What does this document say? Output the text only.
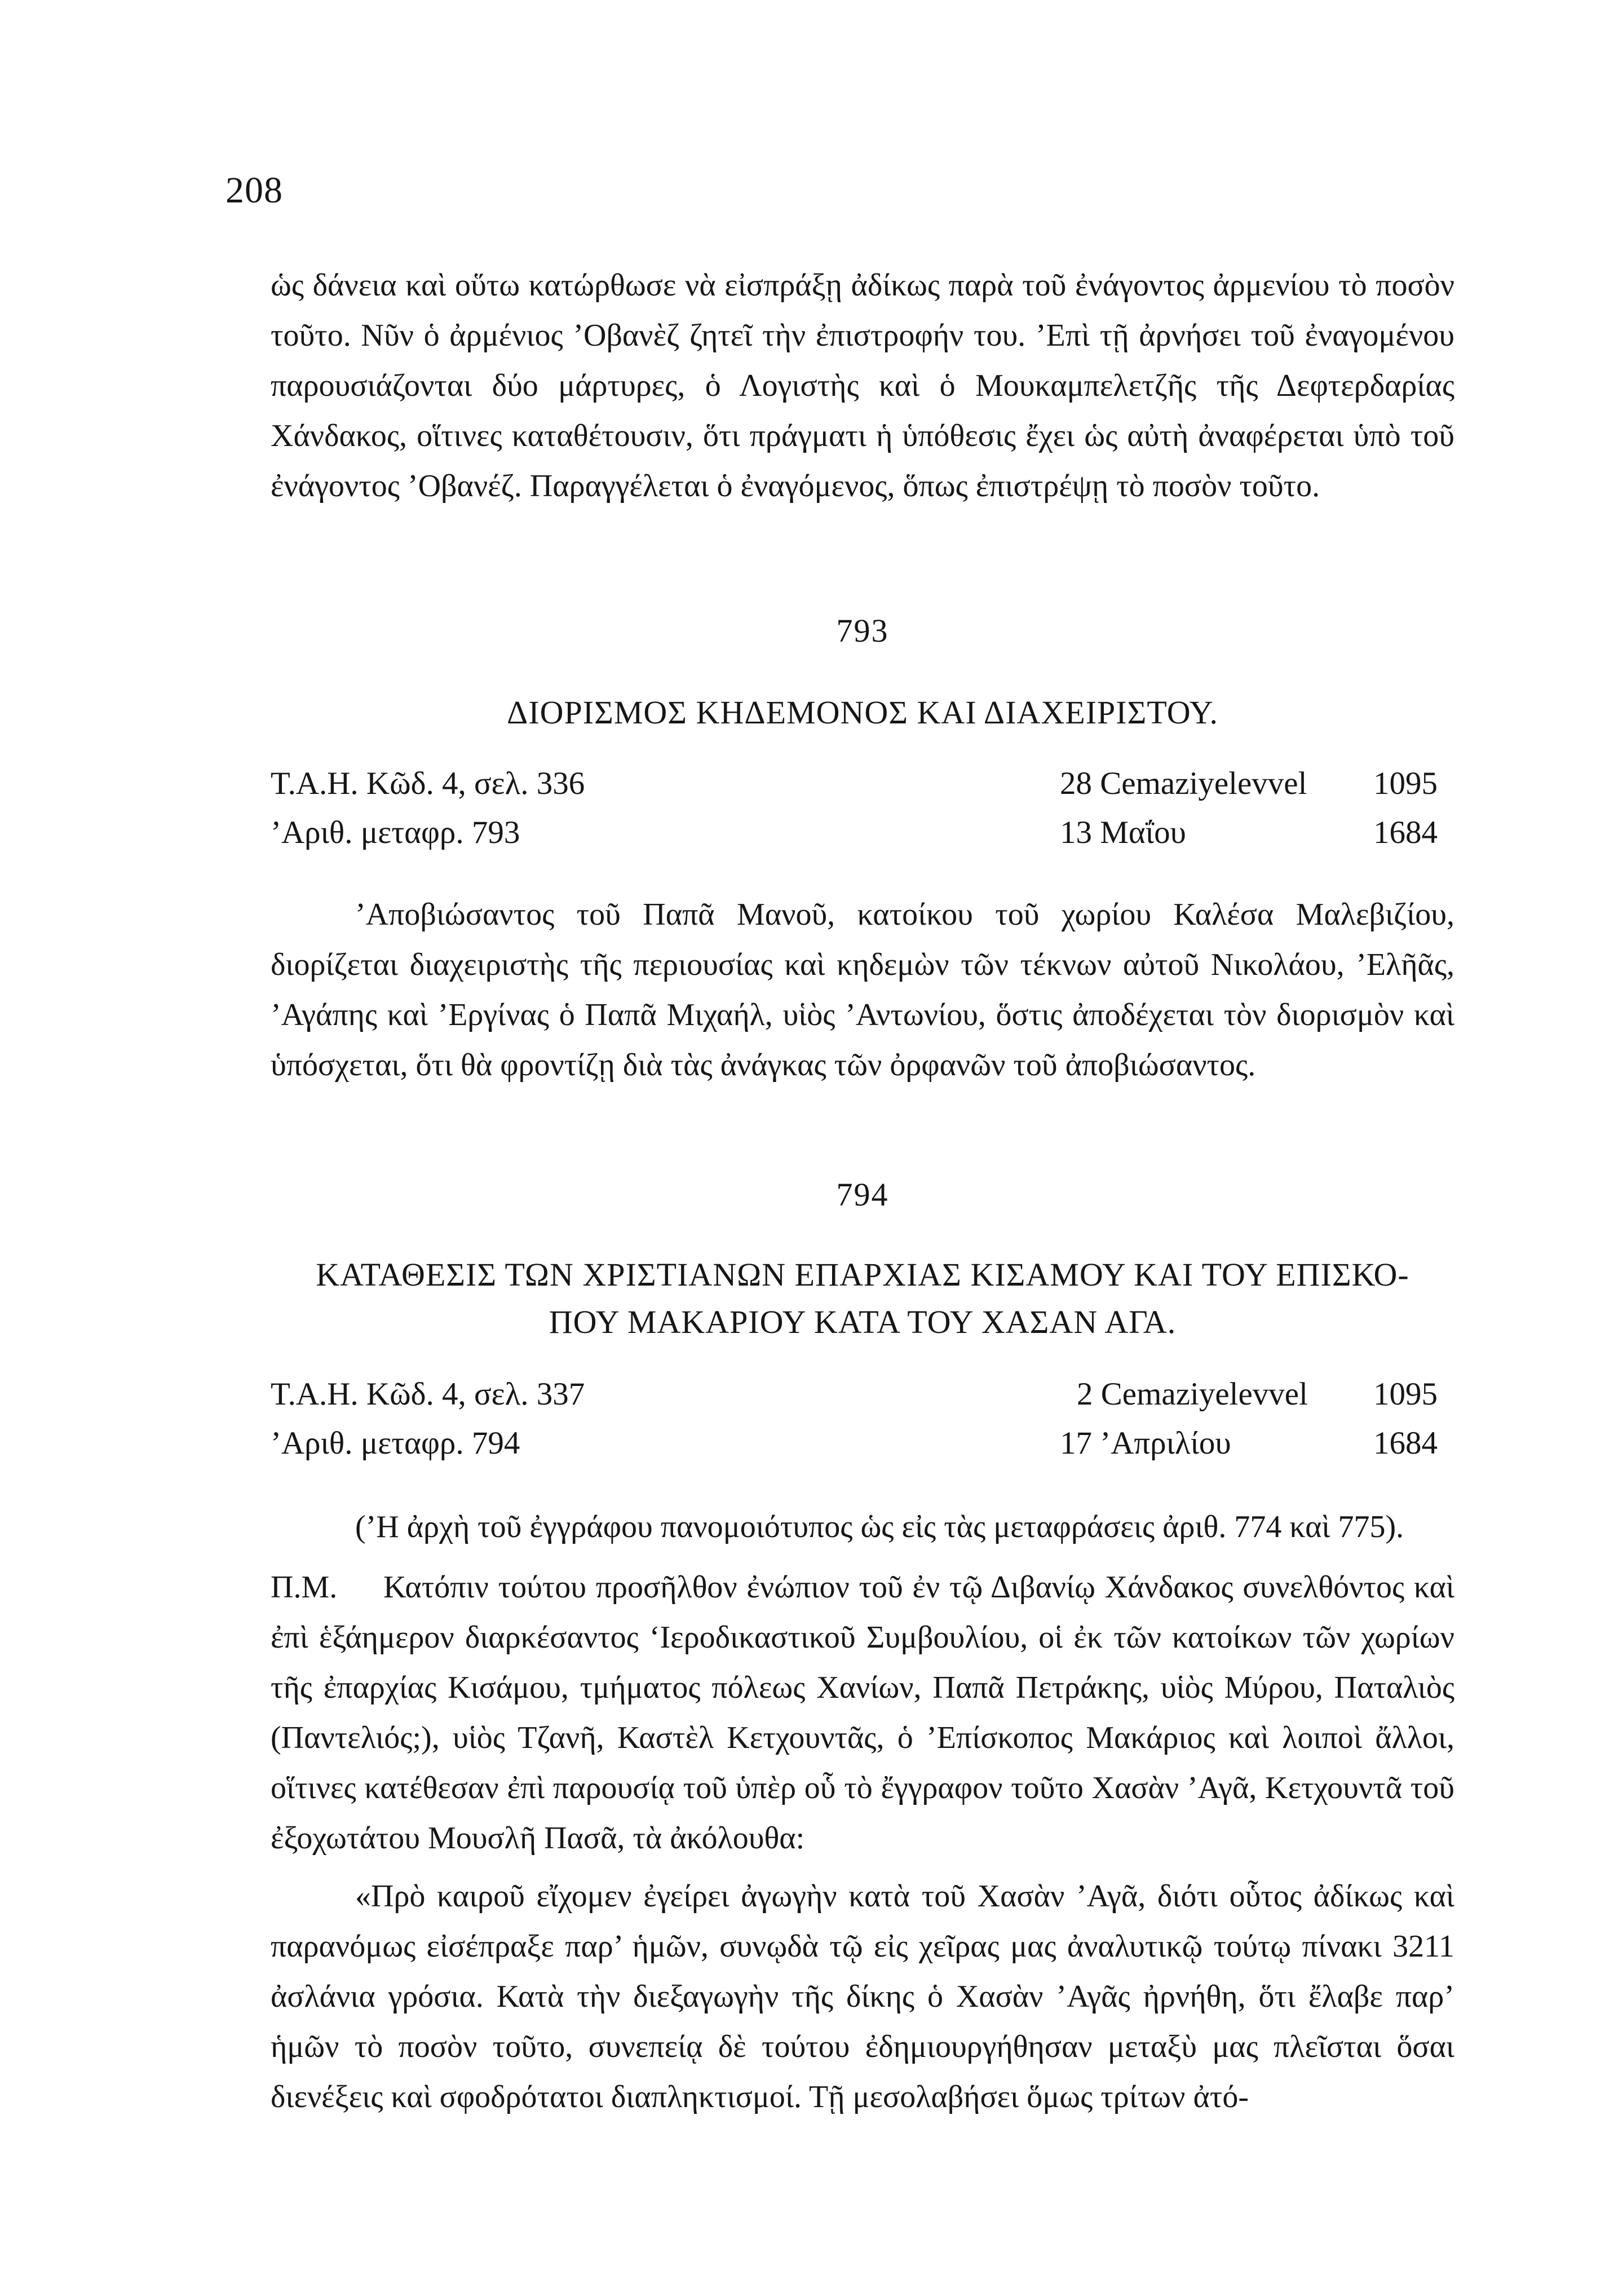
208
ὡς δάνεια καὶ οὕτω κατώρθωσε νὰ εἰσπράξῃ ἀδίκως παρὰ τοῦ ἐνάγοντος ἀρμενίου τὸ ποσὸν τοῦτο. Νῦν ὁ ἀρμένιος ’Οβανὲζ ζητεῖ τὴν ἐπιστροφήν του. ’Επὶ τῇ ἀρνήσει τοῦ ἐναγομένου παρουσιάζονται δύο μάρτυρες, ὁ Λογιστὴς καὶ ὁ Μουκαμπελετζῆς τῆς Δεφτερδαρίας Χάνδακος, οἵτινες καταθέτουσιν, ὅτι πράγματι ἡ ὑπόθεσις ἔχει ὡς αὐτὴ ἀναφέρεται ὑπὸ τοῦ ἐνάγοντος ’Οβανέζ. Παραγγέλεται ὁ ἐναγόμενος, ὅπως ἐπιστρέψῃ τὸ ποσὸν τοῦτο.
793
ΔΙΟΡΙΣΜΟΣ ΚΗΔΕΜΟΝΟΣ ΚΑΙ ΔΙΑΧΕΙΡΙΣΤΟΥ.
Τ.Α.Η. Κῶδ. 4, σελ. 336	28 Cemaziyelevvel 1095
’Αριθ. μεταφρ. 793	13 Μαΐου	1684

’Αποβιώσαντος τοῦ Παπᾶ Μανοῦ, κατοίκου τοῦ χωρίου Καλέσα Μαλεβιζίου, διορίζεται διαχειριστὴς τῆς περιουσίας καὶ κηδεμὼν τῶν τέκνων αὐτοῦ Νικολάου, ’Ελῆᾶς, ’Αγάπης καὶ ’Εργίνας ὁ Παπᾶ Μιχαήλ, υἱὸς ’Αντωνίου, ὅστις ἀποδέχεται τὸν διορισμὸν καὶ ὑπόσχεται, ὅτι θὰ φροντίζῃ διὰ τὰς ἀνάγκας τῶν ὀρφανῶν τοῦ ἀποβιώσαντος.

794
ΚΑΤΑΘΕΣΙΣ ΤΩΝ ΧΡΙΣΤΙΑΝΩΝ ΕΠΑΡΧΙΑΣ ΚΙΣΑΜΟΥ ΚΑΙ ΤΟΥ ΕΠΙΣΚΟ-
ΠΟΥ ΜΑΚΑΡΙΟΥ ΚΑΤΑ ΤΟΥ ΧΑΣΑΝ ΑΓΑ.
Τ.Α.Η. Κῶδ. 4, σελ. 337	2 Cemaziyelevvel 1095
’Αριθ. μεταφρ. 794	17 ’Απριλίου	1684

(’Η ἀρχὴ τοῦ ἐγγράφου πανομοιότυπος ὡς εἰς τὰς μεταφράσεις ἀριθ. 774 καὶ 775).

Π.Μ. Κατόπιν τούτου προσῆλθον ἐνώπιον τοῦ ἐν τῷ Διβανίῳ Χάνδακος συνελθόντος καὶ ἐπὶ ἑξάημερον διαρκέσαντος ‘Ιεροδικαστικοῦ Συμβουλίου, οἱ ἐκ τῶν κατοίκων τῶν χωρίων τῆς ἐπαρχίας Κισάμου, τμήματος πόλεως Χανίων, Παπᾶ Πετράκης, υἱὸς Μύρου, Παταλιὸς (Παντελιός;), υἱὸς Τζανῆ, Καστὲλ Κετχουντᾶς, ὁ ’Επίσκοπος Μακάριος καὶ λοιποὶ ἄλλοι, οἵτινες κατέθεσαν ἐπὶ παρουσίᾳ τοῦ ὑπὲρ οὗ τὸ ἔγγραφον τοῦτο Χασὰν ’Αγᾶ, Κετχουντᾶ τοῦ ἐξοχωτάτου Μουσλῆ Πασᾶ, τὰ ἀκόλουθα:

«Πρὸ καιροῦ εἴχομεν ἐγείρει ἀγωγὴν κατὰ τοῦ Χασὰν ’Αγᾶ, διότι οὗτος ἀδίκως καὶ παρανόμως εἰσέπραξε παρ’ ἡμῶν, συνῳδὰ τῷ εἰς χεῖρας μας ἀναλυτικῷ τούτῳ πίνακι 3211 ἀσλάνια γρόσια. Κατὰ τὴν διεξαγωγὴν τῆς δίκης ὁ Χασὰν ’Αγᾶς ἠρνήθη, ὅτι ἔλαβε παρ’ ἡμῶν τὸ ποσὸν τοῦτο, συνεπείᾳ δὲ τούτου ἐδημιουργήθησαν μεταξὺ μας πλεῖσται ὅσαι διενέξεις καὶ σφοδρότατοι διαπληκτισμοί. Τῇ μεσολαβήσει ὅμως τρίτων ἀτό-
